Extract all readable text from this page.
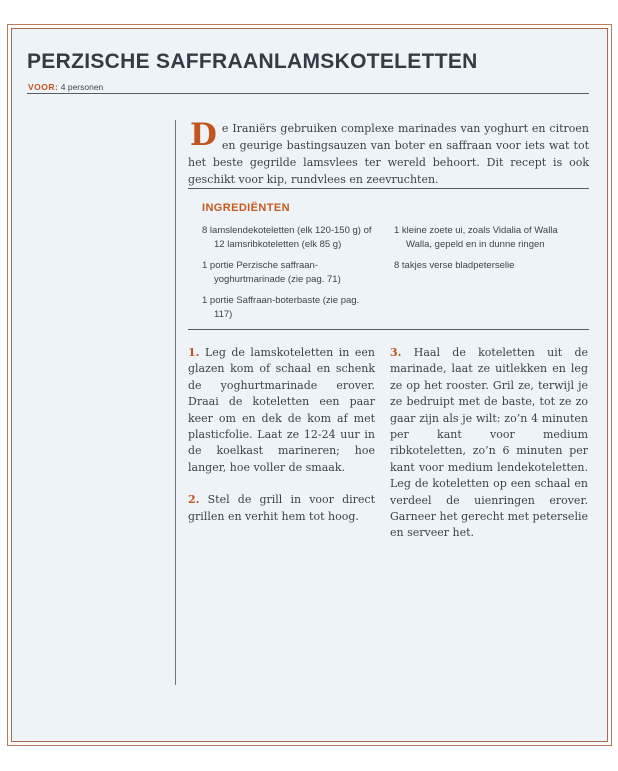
PERZISCHE SAFFRAANLAMSKOTELETTEN

VOOR: 4 personen

De Iraniërs gebruiken complexe marinades van yoghurt en citroen en geurige bastingsauzen van boter en saffraan voor iets wat tot het beste gegrilde lamsvlees ter wereld behoort. Dit recept is ook geschikt voor kip, rundvlees en zeevruchten.

INGREDIËNTEN
8 lamslendekoteletten (elk 120-150 g) of 12 lamsribkoteletten (elk 85 g)
1 portie Perzische saffraan-yoghurtmarinade (zie pag. 71)
1 portie Saffraan-boterbaste (zie pag. 117)
1 kleine zoete ui, zoals Vidalia of Walla Walla, gepeld en in dunne ringen
8 takjes verse bladpeterselie

1. Leg de lamskoteletten in een glazen kom of schaal en schenk de yoghurtmarinade erover. Draai de koteletten een paar keer om en dek de kom af met plasticfolie. Laat ze 12-24 uur in de koelkast marineren; hoe langer, hoe voller de smaak.

2. Stel de grill in voor direct grillen en verhit hem tot hoog.

3. Haal de koteletten uit de marinade, laat ze uitlekken en leg ze op het rooster. Gril ze, terwijl je ze bedruipt met de baste, tot ze zo gaar zijn als je wilt: zo’n 4 minuten per kant voor medium ribkoteletten, zo’n 6 minuten per kant voor medium lendekoteletten. Leg de koteletten op een schaal en verdeel de uienringen erover. Garneer het gerecht met peterselie en serveer het.
